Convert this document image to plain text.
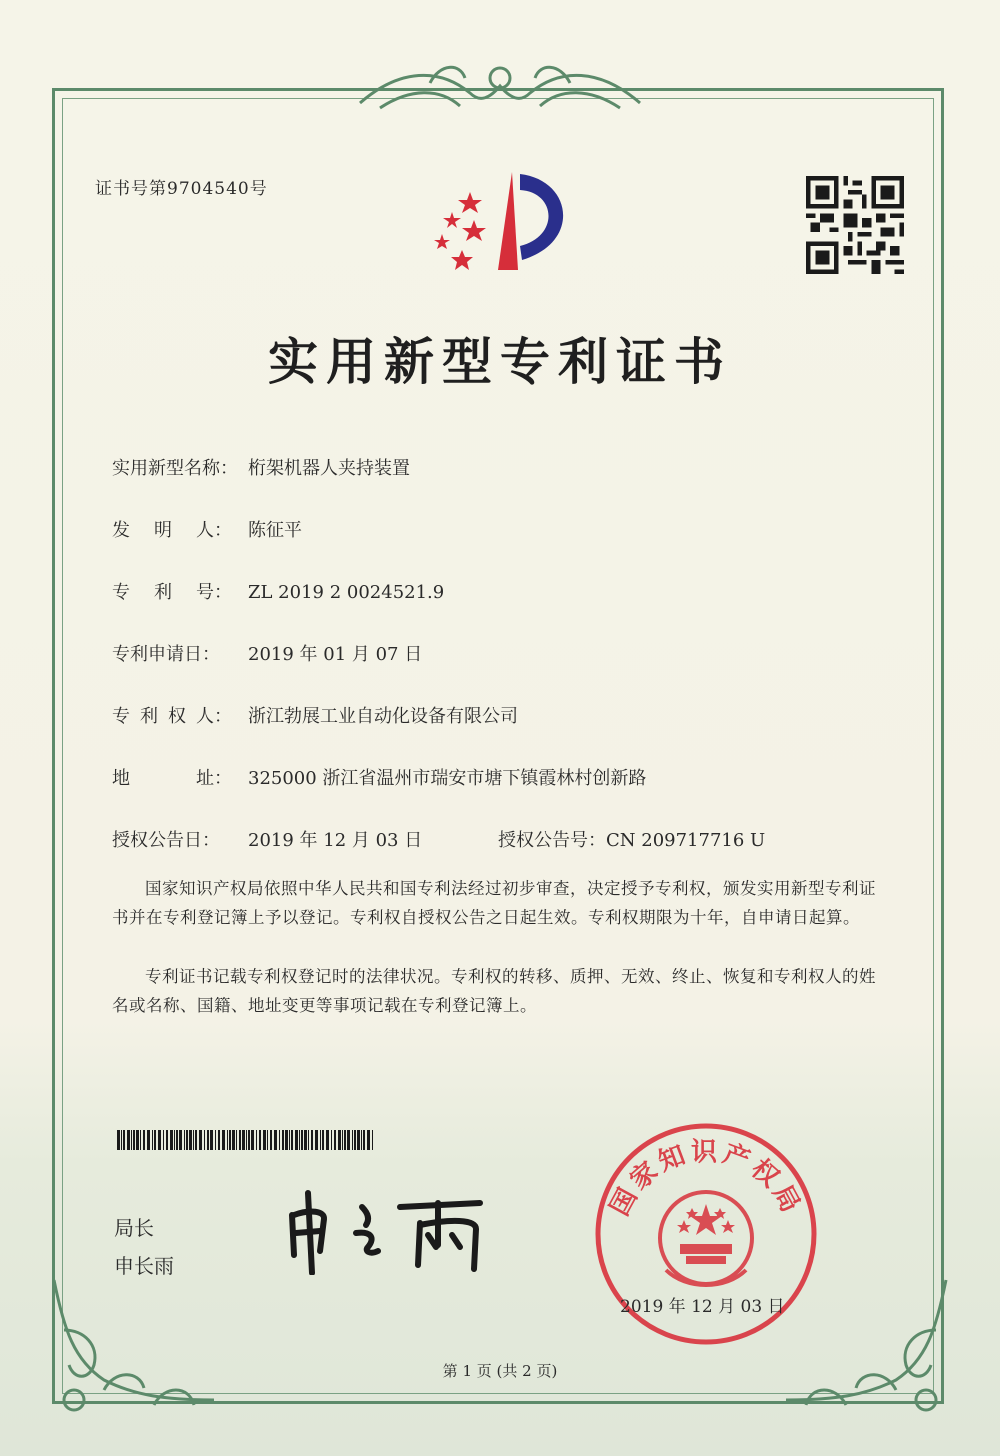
证书号第9704540号
实用新型专利证书
实用新型名称： 桁架机器人夹持装置
发 明 人： 陈征平
专 利 号： ZL 2019 2 0024521.9
专利申请日： 2019 年 01 月 07 日
专 利 权 人： 浙江勃展工业自动化设备有限公司
地	址： 325000 浙江省温州市瑞安市塘下镇霞林村创新路
授权公告日： 2019 年 12 月 03 日	授权公告号：CN 209717716 U
国家知识产权局依照中华人民共和国专利法经过初步审查，决定授予专利权，颁发实用新型专利证书并在专利登记簿上予以登记。专利权自授权公告之日起生效。专利权期限为十年，自申请日起算。
专利证书记载专利权登记时的法律状况。专利权的转移、质押、无效、终止、恢复和专利权人的姓名或名称、国籍、地址变更等事项记载在专利登记簿上。
局长
申长雨
国家知识产权局
2019 年 12 月 03 日
第 1 页 (共 2 页)
